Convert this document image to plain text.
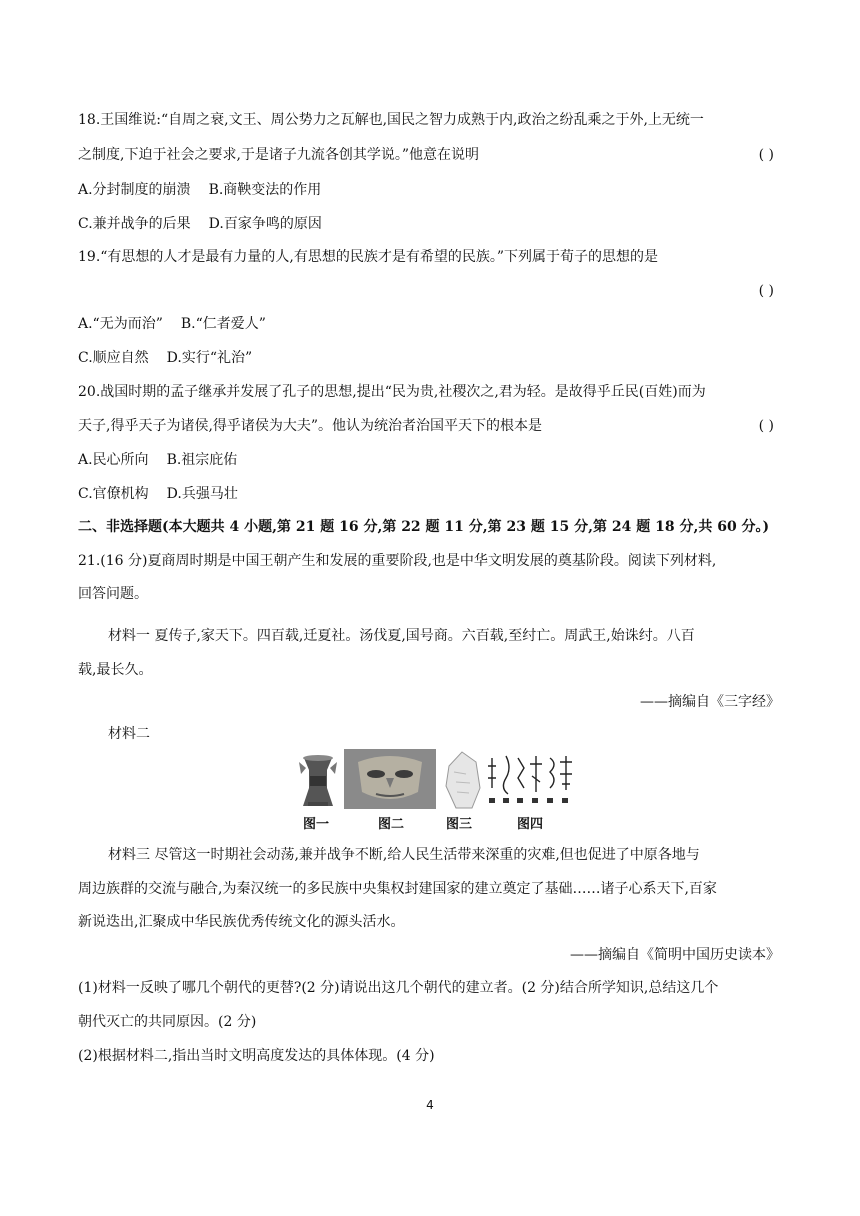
18.王国维说:“自周之衰,文王、周公势力之瓦解也,国民之智力成熟于内,政治之纷乱乘之于外,上无统一
之制度,下迫于社会之要求,于是诸子九流各创其学说。”他意在说明	( )
A.分封制度的崩溃 B.商鞅变法的作用
C.兼并战争的后果 D.百家争鸣的原因
19.“有思想的人才是最有力量的人,有思想的民族才是有希望的民族。”下列属于荀子的思想的是
( )
A.“无为而治” B.“仁者爱人”
C.顺应自然 D.实行“礼治”
20.战国时期的孟子继承并发展了孔子的思想,提出“民为贵,社稷次之,君为轻。是故得乎丘民(百姓)而为
天子,得乎天子为诸侯,得乎诸侯为大夫”。他认为统治者治国平天下的根本是	( )
A.民心所向 B.祖宗庇佑
C.官僚机构 D.兵强马壮
二、非选择题(本大题共 4 小题,第 21 题 16 分,第 22 题 11 分,第 23 题 15 分,第 24 题 18 分,共 60 分。)
21.(16 分)夏商周时期是中国王朝产生和发展的重要阶段,也是中华文明发展的奠基阶段。阅读下列材料,
回答问题。
材料一 夏传子,家天下。四百载,迁夏社。汤伐夏,国号商。六百载,至纣亡。周武王,始诛纣。八百
载,最长久。
——摘编自《三字经》
材料二
图一	图二	图三	图四
材料三 尽管这一时期社会动荡,兼并战争不断,给人民生活带来深重的灾难,但也促进了中原各地与
周边族群的交流与融合,为秦汉统一的多民族中央集权封建国家的建立奠定了基础……诸子心系天下,百家
新说迭出,汇聚成中华民族优秀传统文化的源头活水。
——摘编自《简明中国历史读本》
(1)材料一反映了哪几个朝代的更替?(2 分)请说出这几个朝代的建立者。(2 分)结合所学知识,总结这几个
朝代灭亡的共同原因。(2 分)
(2)根据材料二,指出当时文明高度发达的具体体现。(4 分)
4
